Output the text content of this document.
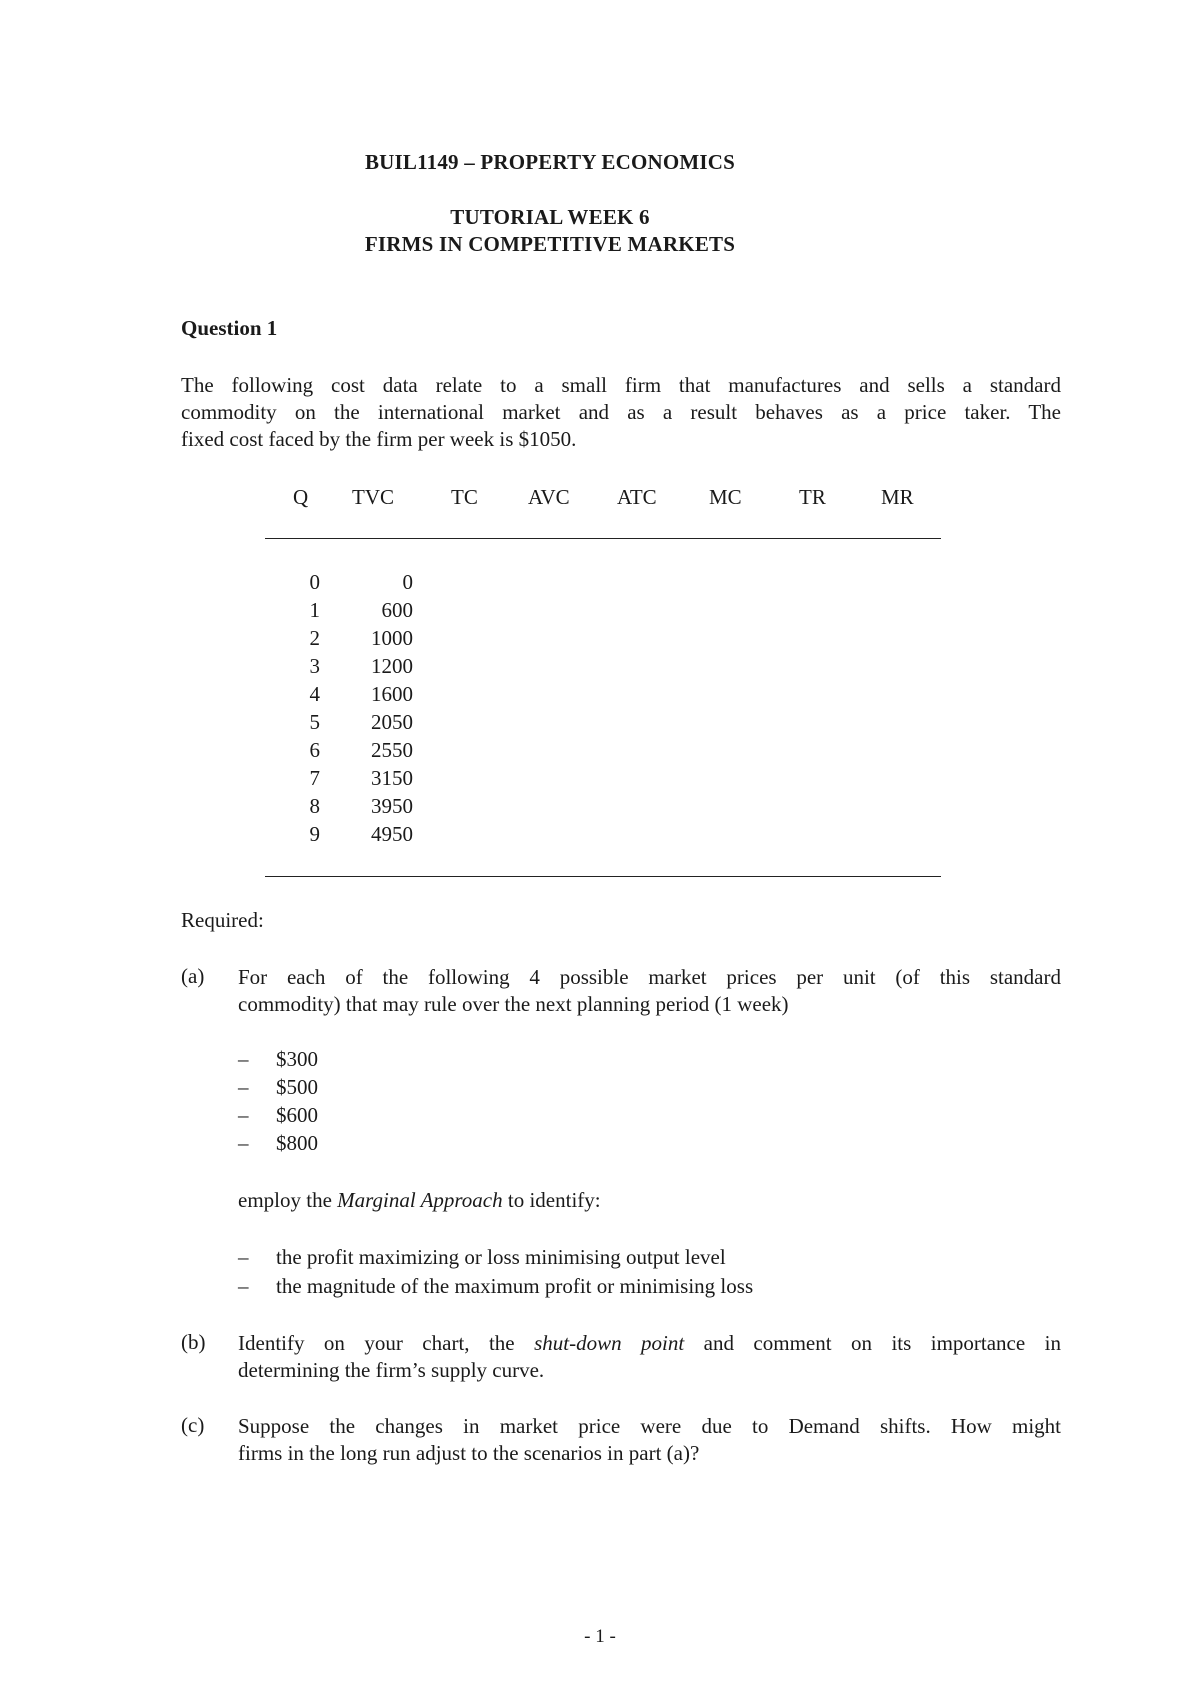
BUIL1149 – PROPERTY ECONOMICS
TUTORIAL WEEK 6
FIRMS IN COMPETITIVE MARKETS
Question 1
The following cost data relate to a small firm that manufactures and sells a standard
commodity on the international market and as a result behaves as a price taker. The
fixed cost faced by the firm per week is $1050.
Q TVC	TC AVC ATC MC	TR	MR
0	0
1	600
2	1000
3	1200
4	1600
5	2050
6	2550
7	3150
8	3950
9	4950
Required:
(a) For each of the following 4 possible market prices per unit (of this standard
commodity) that may rule over the next planning period (1 week)
– $300
– $500
– $600
– $800
employ the Marginal Approach to identify:
– the profit maximizing or loss minimising output level
– the magnitude of the maximum profit or minimising loss
(b) Identify on your chart, the shut-down point and comment on its importance in
determining the firm’s supply curve.
(c) Suppose the changes in market price were due to Demand shifts. How might
firms in the long run adjust to the scenarios in part (a)?
- 1 -
